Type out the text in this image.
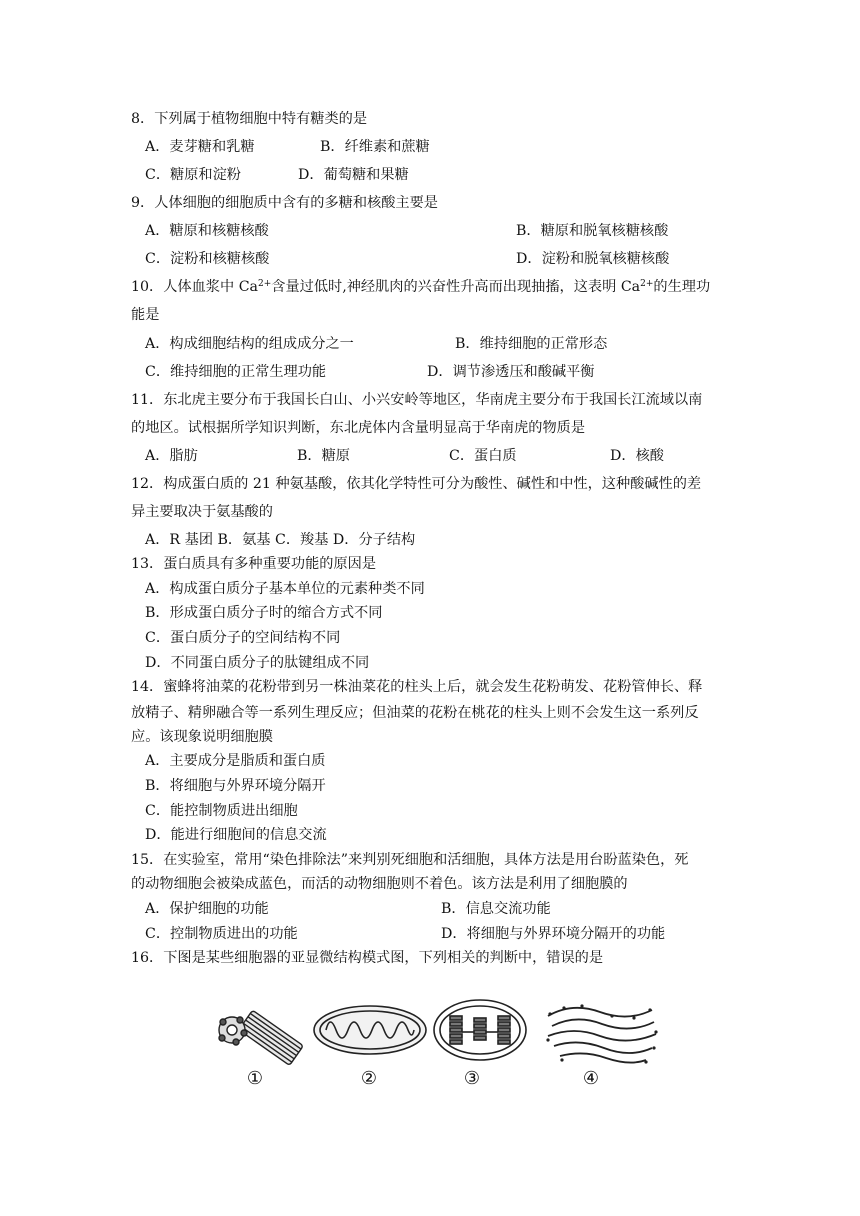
8．下列属于植物细胞中特有糖类的是
A．麦芽糖和乳糖	B．纤维素和蔗糖
C．糖原和淀粉	D．葡萄糖和果糖
9．人体细胞的细胞质中含有的多糖和核酸主要是
A．糖原和核糖核酸	B．糖原和脱氧核糖核酸
C．淀粉和核糖核酸	D．淀粉和脱氧核糖核酸
10．人体血浆中 $Ca^{2+}$含量过低时,神经肌肉的兴奋性升高而出现抽搐，这表明 $Ca^{2+}$的生理功
能是
A．构成细胞结构的组成成分之一	B．维持细胞的正常形态
C．维持细胞的正常生理功能	D．调节渗透压和酸碱平衡
11．东北虎主要分布于我国长白山、小兴安岭等地区，华南虎主要分布于我国长江流域以南
的地区。试根据所学知识判断，东北虎体内含量明显高于华南虎的物质是
A．脂肪	B．糖原	C．蛋白质	D．核酸
12．构成蛋白质的 21 种氨基酸，依其化学特性可分为酸性、碱性和中性，这种酸碱性的差
异主要取决于氨基酸的
A．R 基团 B．氨基 C．羧基 D．分子结构
13．蛋白质具有多种重要功能的原因是
A．构成蛋白质分子基本单位的元素种类不同
B．形成蛋白质分子时的缩合方式不同
C．蛋白质分子的空间结构不同
D．不同蛋白质分子的肽键组成不同
14．蜜蜂将油菜的花粉带到另一株油菜花的柱头上后，就会发生花粉萌发、花粉管伸长、释
放精子、精卵融合等一系列生理反应；但油菜的花粉在桃花的柱头上则不会发生这一系列反
应。该现象说明细胞膜
A．主要成分是脂质和蛋白质
B．将细胞与外界环境分隔开
C．能控制物质进出细胞
D．能进行细胞间的信息交流
15．在实验室，常用“染色排除法”来判别死细胞和活细胞，具体方法是用台盼蓝染色，死
的动物细胞会被染成蓝色，而活的动物细胞则不着色。该方法是利用了细胞膜的
A．保护细胞的功能	B．信息交流功能
C．控制物质进出的功能	D．将细胞与外界环境分隔开的功能
16．下图是某些细胞器的亚显微结构模式图，下列相关的判断中，错误的是
①	②	③	④
